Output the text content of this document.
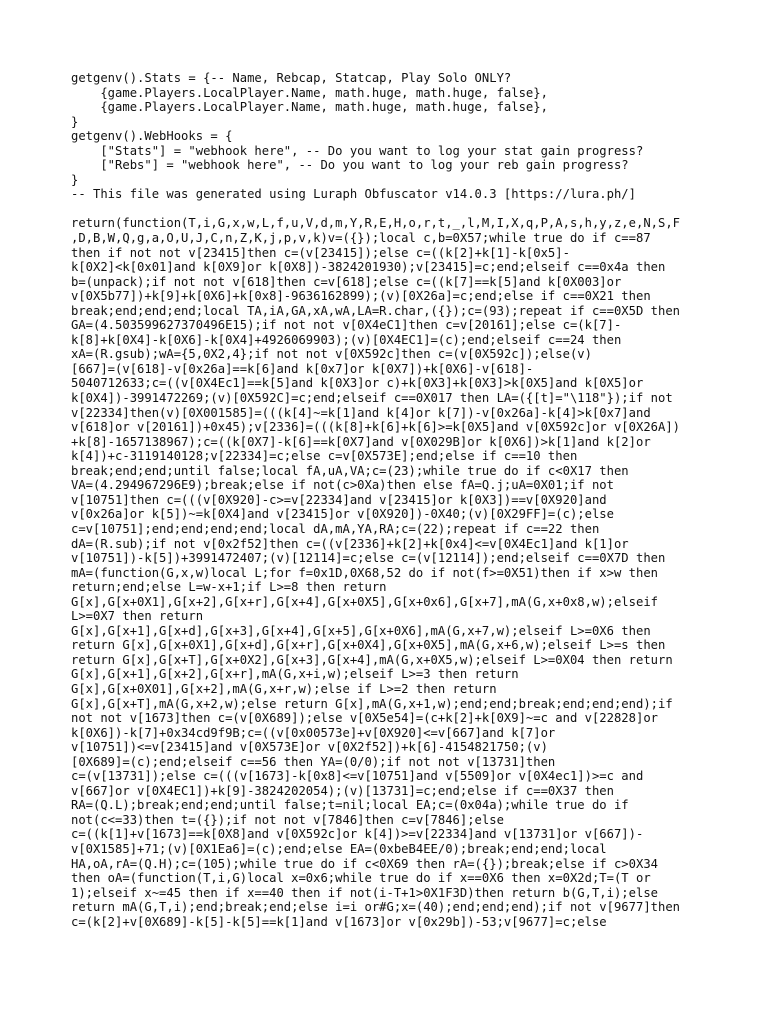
getgenv().Stats = {-- Name, Rebcap, Statcap, Play Solo ONLY?
{game.Players.LocalPlayer.Name, math.huge, math.huge, false},
{game.Players.LocalPlayer.Name, math.huge, math.huge, false},
}
getgenv().WebHooks = {
["Stats"] = "webhook here", -- Do you want to log your stat gain progress?
["Rebs"] = "webhook here", -- Do you want to log your reb gain progress?
}
-- This file was generated using Luraph Obfuscator v14.0.3 [https://lura.ph/]

return(function(T,i,G,x,w,L,f,u,V,d,m,Y,R,E,H,o,r,t,_,l,M,I,X,q,P,A,s,h,y,z,e,N,S,F
,D,B,W,Q,g,a,O,U,J,C,n,Z,K,j,p,v,k)v=({});local c,b=0X57;while true do if c==87
then if not not v[23415]then c=(v[23415]);else c=((k[2]+k[1]-k[0x5]-
k[0X2]<k[0x01]and k[0X9]or k[0X8])-3824201930);v[23415]=c;end;elseif c==0x4a then
b=(unpack);if not not v[618]then c=v[618];else c=((k[7]==k[5]and k[0X003]or
v[0X5b77])+k[9]+k[0X6]+k[0x8]-9636162899);(v)[0X26a]=c;end;else if c==0X21 then
break;end;end;end;local TA,iA,GA,xA,wA,LA=R.char,({});c=(93);repeat if c==0X5D then
GA=(4.503599627370496E15);if not not v[0X4eC1]then c=v[20161];else c=(k[7]-
k[8]+k[0X4]-k[0X6]-k[0X4]+4926069903);(v)[0X4EC1]=(c);end;elseif c==24 then
xA=(R.gsub);wA={5,0X2,4};if not not v[0X592c]then c=(v[0X592c]);else(v)
[667]=(v[618]-v[0x26a]==k[6]and k[0x7]or k[0X7])+k[0X6]-v[618]-
5040712633;c=((v[0X4Ec1]==k[5]and k[0X3]or c)+k[0X3]+k[0X3]>k[0X5]and k[0X5]or
k[0X4])-3991472269;(v)[0X592C]=c;end;elseif c==0X017 then LA=({[t]="\118"});if not
v[22334]then(v)[0X001585]=(((k[4]~=k[1]and k[4]or k[7])-v[0x26a]-k[4]>k[0x7]and
v[618]or v[20161])+0x45);v[2336]=(((k[8]+k[6]+k[6]>=k[0X5]and v[0X592c]or v[0X26A])
+k[8]-1657138967);c=((k[0X7]-k[6]==k[0X7]and v[0X029B]or k[0X6])>k[1]and k[2]or
k[4])+c-3119140128;v[22334]=c;else c=v[0X573E];end;else if c==10 then
break;end;end;until false;local fA,uA,VA;c=(23);while true do if c<0X17 then
VA=(4.294967296E9);break;else if not(c>0Xa)then else fA=Q.j;uA=0X01;if not
v[10751]then c=(((v[0X920]-c>=v[22334]and v[23415]or k[0X3])==v[0X920]and
v[0x26a]or k[5])~=k[0X4]and v[23415]or v[0X920])-0X40;(v)[0X29FF]=(c);else
c=v[10751];end;end;end;end;local dA,mA,YA,RA;c=(22);repeat if c==22 then
dA=(R.sub);if not v[0x2f52]then c=((v[2336]+k[2]+k[0x4]<=v[0X4Ec1]and k[1]or
v[10751])-k[5])+3991472407;(v)[12114]=c;else c=(v[12114]);end;elseif c==0X7D then
mA=(function(G,x,w)local L;for f=0x1D,0X68,52 do if not(f>=0X51)then if x>w then
return;end;else L=w-x+1;if L>=8 then return
G[x],G[x+0X1],G[x+2],G[x+r],G[x+4],G[x+0X5],G[x+0x6],G[x+7],mA(G,x+0x8,w);elseif
L>=0X7 then return
G[x],G[x+1],G[x+d],G[x+3],G[x+4],G[x+5],G[x+0X6],mA(G,x+7,w);elseif L>=0X6 then
return G[x],G[x+0X1],G[x+d],G[x+r],G[x+0X4],G[x+0X5],mA(G,x+6,w);elseif L>=s then
return G[x],G[x+T],G[x+0X2],G[x+3],G[x+4],mA(G,x+0X5,w);elseif L>=0X04 then return
G[x],G[x+1],G[x+2],G[x+r],mA(G,x+i,w);elseif L>=3 then return
G[x],G[x+0X01],G[x+2],mA(G,x+r,w);else if L>=2 then return
G[x],G[x+T],mA(G,x+2,w);else return G[x],mA(G,x+1,w);end;end;break;end;end;end);if
not not v[1673]then c=(v[0X689]);else v[0X5e54]=(c+k[2]+k[0X9]~=c and v[22828]or
k[0X6])-k[7]+0x34cd9f9B;c=((v[0x00573e]+v[0X920]<=v[667]and k[7]or
v[10751])<=v[23415]and v[0X573E]or v[0X2f52])+k[6]-4154821750;(v)
[0X689]=(c);end;elseif c==56 then YA=(0/0);if not not v[13731]then
c=(v[13731]);else c=(((v[1673]-k[0x8]<=v[10751]and v[5509]or v[0X4ec1])>=c and
v[667]or v[0X4EC1])+k[9]-3824202054);(v)[13731]=c;end;else if c==0X37 then
RA=(Q.L);break;end;end;until false;t=nil;local EA;c=(0x04a);while true do if
not(c<=33)then t=({});if not not v[7846]then c=v[7846];else
c=((k[1]+v[1673]==k[0X8]and v[0X592c]or k[4])>=v[22334]and v[13731]or v[667])-
v[0X1585]+71;(v)[0X1Ea6]=(c);end;else EA=(0xbeB4EE/0);break;end;end;local
HA,oA,rA=(Q.H);c=(105);while true do if c<0X69 then rA=({});break;else if c>0X34
then oA=(function(T,i,G)local x=0x6;while true do if x==0X6 then x=0X2d;T=(T or
1);elseif x~=45 then if x==40 then if not(i-T+1>0X1F3D)then return b(G,T,i);else
return mA(G,T,i);end;break;end;else i=i or#G;x=(40);end;end;end);if not v[9677]then
c=(k[2]+v[0X689]-k[5]-k[5]==k[1]and v[1673]or v[0x29b])-53;v[9677]=c;else
